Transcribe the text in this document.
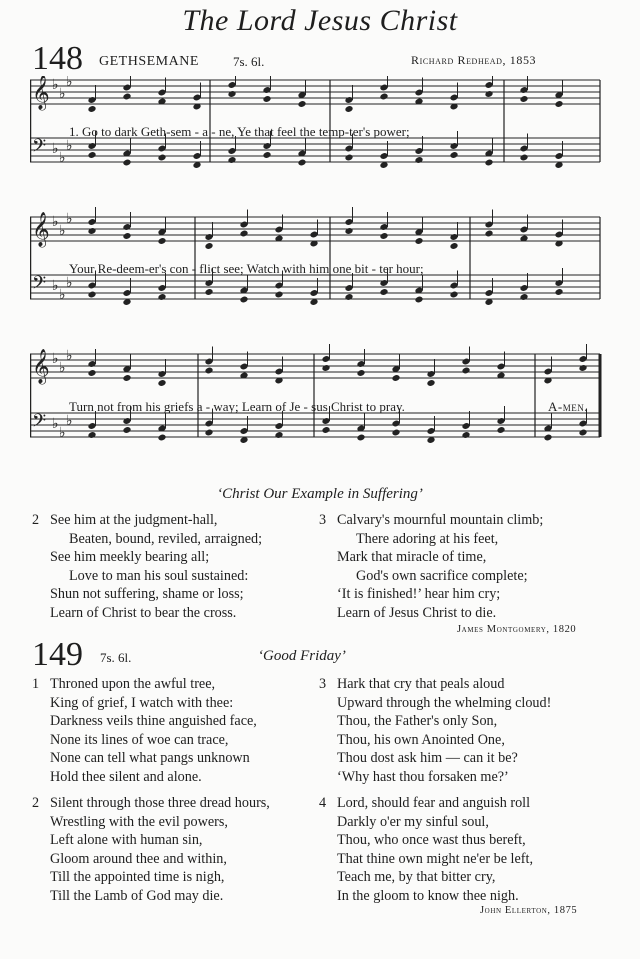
The Lord Jesus Christ
148 GETHSEMANE	7s. 6l.	Richard Redhead, 1853
𝄞 ♭
♭
♭
𝄢 ♭
♭
♭
𝄞 ♭
♭
♭
𝄢 ♭
♭
♭
𝄞 ♭
♭
♭
𝄢 ♭
♭
♭
1. Go to dark Geth-sem - a - ne, Ye that feel the temp-ter's power;
Your Re-deem-er's con - flict see; Watch with him one bit - ter hour;
Turn not from his griefs a - way; Learn of Je - sus Christ to pray.	A-men.
‘Christ Our Example in Suffering’
2 See him at the judgment-hall,
Beaten, bound, reviled, arraigned;
See him meekly bearing all;
Love to man his soul sustained:
Shun not suffering, shame or loss;
Learn of Christ to bear the cross.
3 Calvary's mournful mountain climb;
There adoring at his feet,
Mark that miracle of time,
God's own sacrifice complete;
‘It is finished!’ hear him cry;
Learn of Jesus Christ to die.
James Montgomery, 1820
149 7s. 6l.	‘Good Friday’
1 Throned upon the awful tree,
King of grief, I watch with thee:
Darkness veils thine anguished face,
None its lines of woe can trace,
None can tell what pangs unknown
Hold thee silent and alone.
3 Hark that cry that peals aloud
Upward through the whelming cloud!
Thou, the Father's only Son,
Thou, his own Anointed One,
Thou dost ask him — can it be?
‘Why hast thou forsaken me?’
2 Silent through those three dread hours,
Wrestling with the evil powers,
Left alone with human sin,
Gloom around thee and within,
Till the appointed time is nigh,
Till the Lamb of God may die.
4 Lord, should fear and anguish roll
Darkly o'er my sinful soul,
Thou, who once wast thus bereft,
That thine own might ne'er be left,
Teach me, by that bitter cry,
In the gloom to know thee nigh.
John Ellerton, 1875
